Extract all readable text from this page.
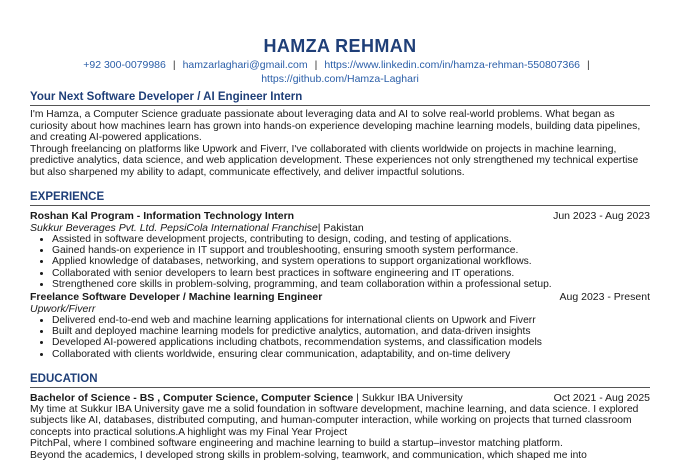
HAMZA REHMAN
+92 300-0079986 | hamzarlaghari@gmail.com | https://www.linkedin.com/in/hamza-rehman-550807366 |
https://github.com/Hamza-Laghari
Your Next Software Developer / AI Engineer Intern

I'm Hamza, a Computer Science graduate passionate about leveraging data and AI to solve real-world problems. What began as curiosity about how machines learn has grown into hands-on experience developing machine learning models, building data pipelines, and creating AI-powered applications.

Through freelancing on platforms like Upwork and Fiverr, I've collaborated with clients worldwide on projects in machine learning, predictive analytics, data science, and web application development. These experiences not only strengthened my technical expertise but also sharpened my ability to adapt, communicate effectively, and deliver impactful solutions.

EXPERIENCE
Roshan Kal Program - Information Technology Intern	Jun 2023 - Aug 2023
Sukkur Beverages Pvt. Ltd. PepsiCola International Franchise | Pakistan
• Assisted in software development projects, contributing to design, coding, and testing of applications.
• Gained hands-on experience in IT support and troubleshooting, ensuring smooth system performance.
• Applied knowledge of databases, networking, and system operations to support organizational workflows.
• Collaborated with senior developers to learn best practices in software engineering and IT operations.
• Strengthened core skills in problem-solving, programming, and team collaboration within a professional setup.
Freelance Software Developer / Machine learning Engineer	Aug 2023 - Present
Upwork/Fiverr
• Delivered end-to-end web and machine learning applications for international clients on Upwork and Fiverr
• Built and deployed machine learning models for predictive analytics, automation, and data-driven insights
• Developed AI-powered applications including chatbots, recommendation systems, and classification models
• Collaborated with clients worldwide, ensuring clear communication, adaptability, and on-time delivery
EDUCATION
Bachelor of Science - BS , Computer Science, Computer Science | Sukkur IBA University	Oct 2021 - Aug 2025

My time at Sukkur IBA University gave me a solid foundation in software development, machine learning, and data science. I explored subjects like AI, databases, distributed computing, and human-computer interaction, while working on projects that turned classroom concepts into practical solutions.A highlight was my Final Year Project

PitchPal, where I combined software engineering and machine learning to build a startup–investor matching platform.

Beyond the academics, I developed strong skills in problem-solving, teamwork, and communication, which shaped me into
